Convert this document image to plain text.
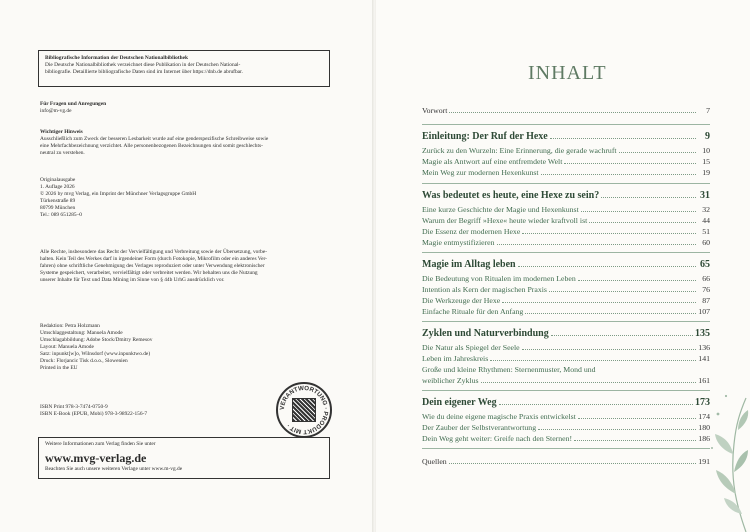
Bibliografische Information der Deutschen Nationalbibliothek
Die Deutsche Nationalbibliothek verzeichnet diese Publikation in der Deutschen National-
bibliografie. Detaillierte bibliografische Daten sind im Internet über https://dnb.de abrufbar.

Für Fragen und Anregungen

info@m-vg.de

Wichtiger Hinweis

Ausschließlich zum Zweck der besseren Lesbarkeit wurde auf eine genderspezifische Schreibweise sowie

eine Mehrfachbezeichnung verzichtet. Alle personenbezogenen Bezeichnungen sind somit geschlechts-

neutral zu verstehen.

Originalausgabe

1. Auflage 2026

© 2026 by mvg Verlag, ein Imprint der Münchner Verlagsgruppe GmbH

Türkenstraße 89

80799 München

Tel.: 089 651285–0

Alle Rechte, insbesondere das Recht der Vervielfältigung und Verbreitung sowie der Übersetzung, vorbe-

halten. Kein Teil des Werkes darf in irgendeiner Form (durch Fotokopie, Mikrofilm oder ein anderes Ver-

fahren) ohne schriftliche Genehmigung des Verlages reproduziert oder unter Verwendung elektronischer

Systeme gespeichert, verarbeitet, vervielfältigt oder verbreitet werden. Wir behalten uns die Nutzung

unserer Inhalte für Text und Data Mining im Sinne von § 44b UrhG ausdrücklich vor.

Redaktion: Petra Holzmann

Umschlaggestaltung: Manuela Amode

Umschlagabbildung: Adobe Stock/Dmitry Remesov

Layout: Manuela Amode

Satz: inpunkt[w]o, Wilnsdorf (www.inpunktwo.de)

Druck: Florjancic Tisk d.o.o., Slowenien

Printed in the EU

ISBN Print 978-3-7474-0750-9

ISBN E-Book (EPUB, Mobi) 978-3-98922-156-7

VERANTWORTUNG · PRODUKT MIT ·
Weitere Informationen zum Verlag finden Sie unter
www.mvg-verlag.de
Beachten Sie auch unsere weiteren Verlage unter www.m-vg.de
INHALT
Vorwort	7
Einleitung: Der Ruf der Hexe	9
Zurück zu den Wurzeln: Eine Erinnerung, die gerade wachruft	10
Magie als Antwort auf eine entfremdete Welt	15
Mein Weg zur modernen Hexenkunst	19
Was bedeutet es heute, eine Hexe zu sein?	31
Eine kurze Geschichte der Magie und Hexenkunst	32
Warum der Begriff »Hexe« heute wieder kraftvoll ist	44
Die Essenz der modernen Hexe	51
Magie entmystifizieren	60
Magie im Alltag leben	65
Die Bedeutung von Ritualen im modernen Leben	66
Intention als Kern der magischen Praxis	76
Die Werkzeuge der Hexe	87
Einfache Rituale für den Anfang	107
Zyklen und Naturverbindung	135
Die Natur als Spiegel der Seele	136
Leben im Jahreskreis	141
Große und kleine Rhythmen: Sternenmuster, Mond und
weiblicher Zyklus	161
Dein eigener Weg	173
Wie du deine eigene magische Praxis entwickelst	174
Der Zauber der Selbstverantwortung	180
Dein Weg geht weiter: Greife nach den Sternen!	186
Quellen	191
